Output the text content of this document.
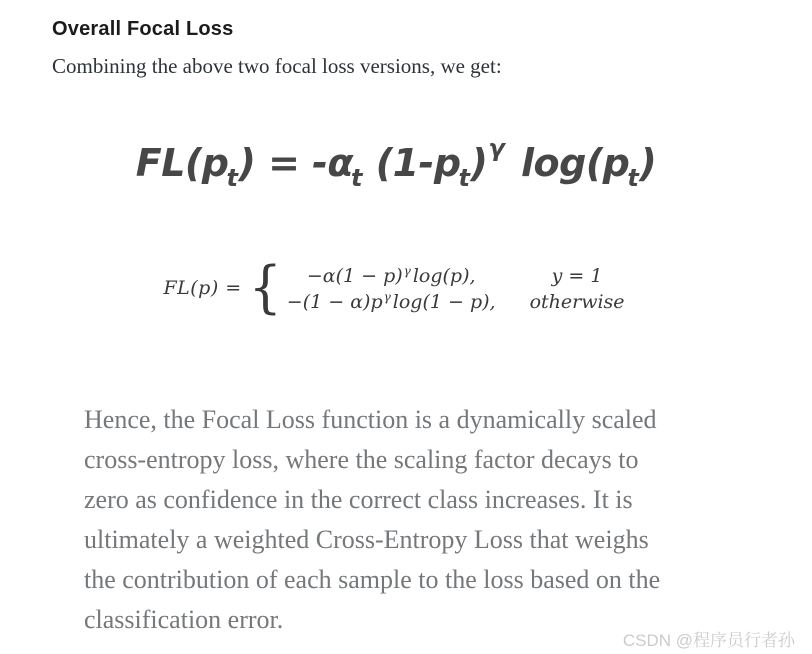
Overall Focal Loss

Combining the above two focal loss versions, we get:

$FL(p_t) = -\alpha_t$ $(1-p_t)^\gamma$ $\log(p_t)$
FL(p) = {	$-\alpha(1 - p)^\gamma$ log(p),	y = 1
$-(1 - \alpha)p^\gamma$ log(1 − p), otherwise
Hence, the Focal Loss function is a dynamically scaled
cross-entropy loss, where the scaling factor decays to
zero as confidence in the correct class increases. It is
ultimately a weighted Cross-Entropy Loss that weighs
the contribution of each sample to the loss based on the
classification error.
CSDN @程序员行者孙
